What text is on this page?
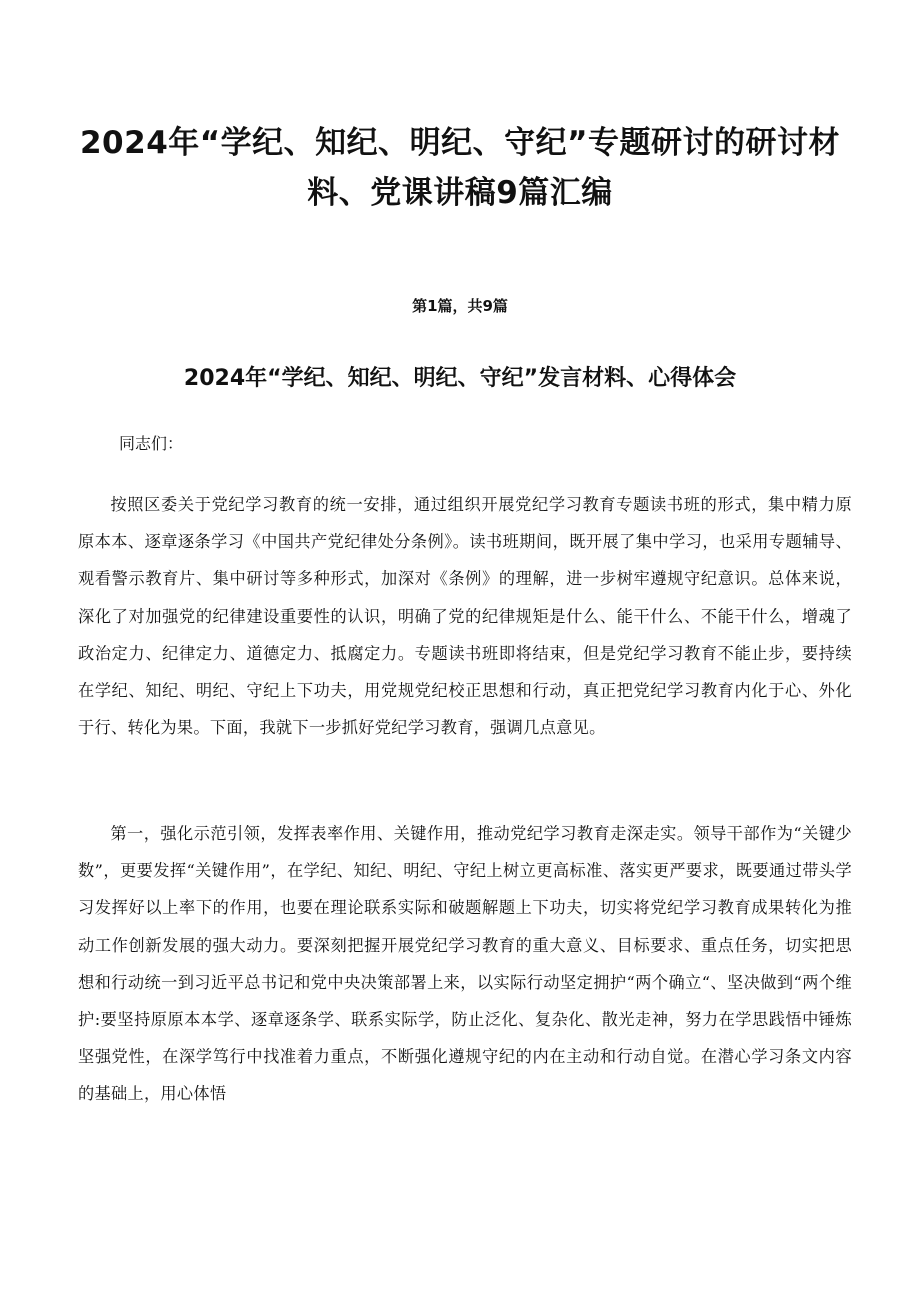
2024年“学纪、知纪、明纪、守纪”专题研讨的研讨材料、党课讲稿9篇汇编
第1篇，共9篇
2024年“学纪、知纪、明纪、守纪”发言材料、心得体会
同志们：

按照区委关于党纪学习教育的统一安排，通过组织开展党纪学习教育专题读书班的形式，集中精力原原本本、逐章逐条学习《中国共产党纪律处分条例》。读书班期间，既开展了集中学习，也采用专题辅导、观看警示教育片、集中研讨等多种形式，加深对《条例》的理解，进一步树牢遵规守纪意识。总体来说，深化了对加强党的纪律建设重要性的认识，明确了党的纪律规矩是什么、能干什么、不能干什么，增魂了政治定力、纪律定力、道德定力、抵腐定力。专题读书班即将结束，但是党纪学习教育不能止步，要持续在学纪、知纪、明纪、守纪上下功夫，用党规党纪校正思想和行动，真正把党纪学习教育内化于心、外化于行、转化为果。下面，我就下一步抓好党纪学习教育，强调几点意见。

第一，强化示范引领，发挥表率作用、关键作用，推动党纪学习教育走深走实。领导干部作为“关键少数”，更要发挥“关键作用”，在学纪、知纪、明纪、守纪上树立更高标准、落实更严要求，既要通过带头学习发挥好以上率下的作用，也要在理论联系实际和破题解题上下功夫，切实将党纪学习教育成果转化为推动工作创新发展的强大动力。要深刻把握开展党纪学习教育的重大意义、目标要求、重点任务，切实把思想和行动统一到习近平总书记和党中央决策部署上来，以实际行动坚定拥护“两个确立“、坚决做到“两个维护:要坚持原原本本学、逐章逐条学、联系实际学，防止泛化、复杂化、散光走神，努力在学思践悟中锤炼坚强党性，在深学笃行中找准着力重点，不断强化遵规守纪的内在主动和行动自觉。在潜心学习条文内容的基础上，用心体悟
